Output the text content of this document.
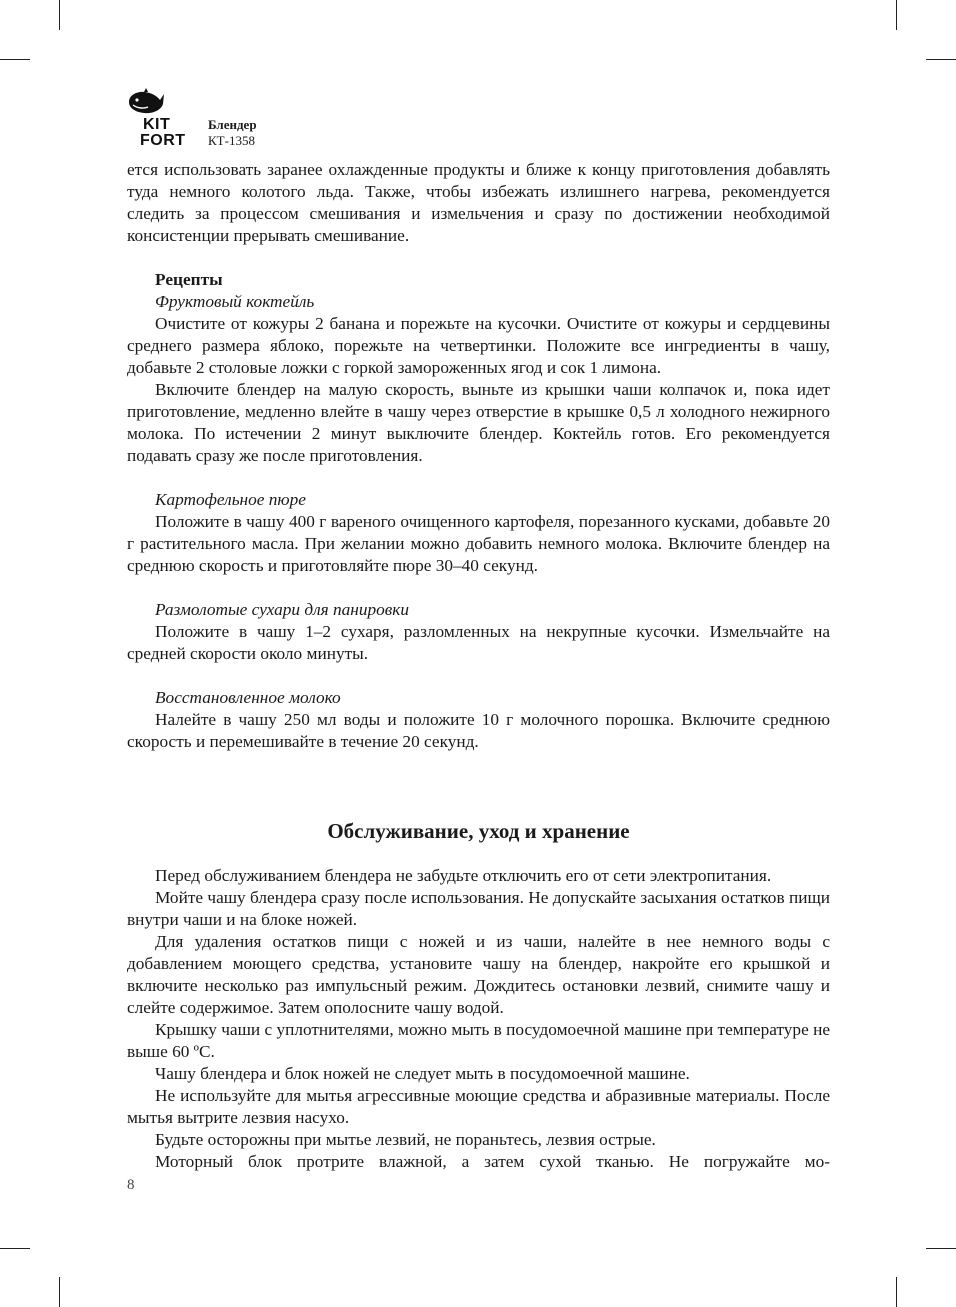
KIT
FORT
Блендер
КТ-1358

ется использовать заранее охлажденные продукты и ближе к концу приготовления добавлять туда немного колотого льда. Также, чтобы избежать излишнего нагрева, рекомендуется следить за процессом смешивания и измельчения и сразу по достижении необходимой консистенции прерывать смешивание.

Рецепты
Фруктовый коктейль

Очистите от кожуры 2 банана и порежьте на кусочки. Очистите от кожуры и сердцевины среднего размера яблоко, порежьте на четвертинки. Положите все ингредиенты в чашу, добавьте 2 столовые ложки с горкой замороженных ягод и сок 1 лимона.

Включите блендер на малую скорость, выньте из крышки чаши колпачок и, пока идет приготовление, медленно влейте в чашу через отверстие в крышке 0,5 л холодного нежирного молока. По истечении 2 минут выключите блендер. Коктейль готов. Его рекомендуется подавать сразу же после приготовления.

Картофельное пюре

Положите в чашу 400 г вареного очищенного картофеля, порезанного кусками, добавьте 20 г растительного масла. При желании можно добавить немного молока. Включите блендер на среднюю скорость и приготовляйте пюре 30–40 секунд.

Размолотые сухари для панировки

Положите в чашу 1–2 сухаря, разломленных на некрупные кусочки. Измельчайте на средней скорости около минуты.

Восстановленное молоко

Налейте в чашу 250 мл воды и положите 10 г молочного порошка. Включите среднюю скорость и перемешивайте в течение 20 секунд.

Обслуживание, уход и хранение

Перед обслуживанием блендера не забудьте отключить его от сети электропитания.

Мойте чашу блендера сразу после использования. Не допускайте засыхания остатков пищи внутри чаши и на блоке ножей.

Для удаления остатков пищи с ножей и из чаши, налейте в нее немного воды с добавлением моющего средства, установите чашу на блендер, накройте его крышкой и включите несколько раз импульсный режим. Дождитесь остановки лезвий, снимите чашу и слейте содержимое. Затем ополосните чашу водой.

Крышку чаши с уплотнителями, можно мыть в посудомоечной машине при температуре не выше 60 ºС.

Чашу блендера и блок ножей не следует мыть в посудомоечной машине.

Не используйте для мытья агрессивные моющие средства и абразивные материалы. После мытья вытрите лезвия насухо.

Будьте осторожны при мытье лезвий, не пораньтесь, лезвия острые.

Моторный блок протрите влажной, а затем сухой тканью. Не погружайте мо-

8
